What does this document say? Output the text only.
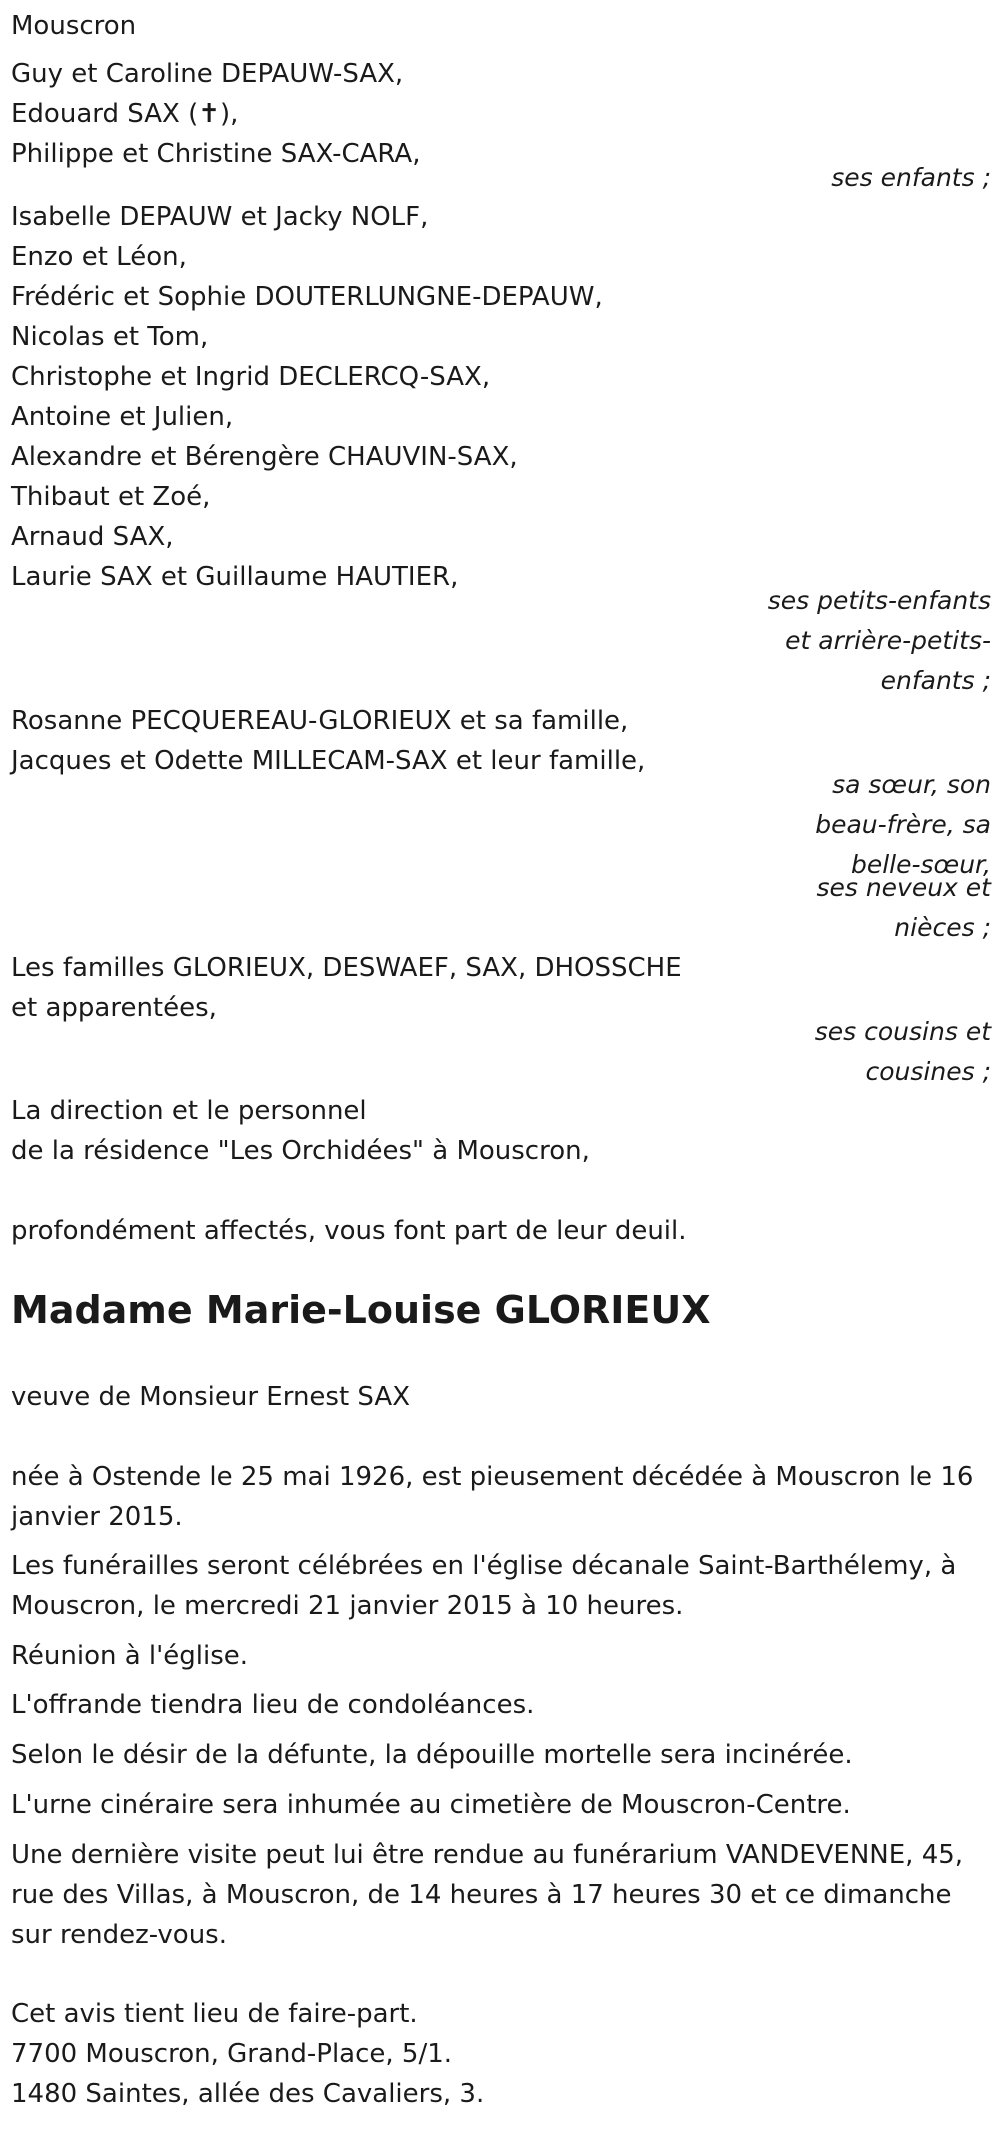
Mouscron
Guy et Caroline DEPAUW-SAX,
Edouard SAX (✝),
Philippe et Christine SAX-CARA,
ses enfants ;
Isabelle DEPAUW et Jacky NOLF,
Enzo et Léon,
Frédéric et Sophie DOUTERLUNGNE-DEPAUW,
Nicolas et Tom,
Christophe et Ingrid DECLERCQ-SAX,
Antoine et Julien,
Alexandre et Bérengère CHAUVIN-SAX,
Thibaut et Zoé,
Arnaud SAX,
Laurie SAX et Guillaume HAUTIER,
ses petits-enfants
et arrière-petits-
enfants ;
Rosanne PECQUEREAU-GLORIEUX et sa famille,
Jacques et Odette MILLECAM-SAX et leur famille,
sa sœur, son
beau-frère, sa
belle-sœur,
ses neveux et
nièces ;
Les familles GLORIEUX, DESWAEF, SAX, DHOSSCHE
et apparentées,
ses cousins et
cousines ;
La direction et le personnel
de la résidence "Les Orchidées" à Mouscron,
profondément affectés, vous font part de leur deuil.
Madame Marie-Louise GLORIEUX
veuve de Monsieur Ernest SAX
née à Ostende le 25 mai 1926, est pieusement décédée à Mouscron le 16 janvier 2015.
Les funérailles seront célébrées en l'église décanale Saint-Barthélemy, à Mouscron, le mercredi 21 janvier 2015 à 10 heures.
Réunion à l'église.
L'offrande tiendra lieu de condoléances.
Selon le désir de la défunte, la dépouille mortelle sera incinérée.
L'urne cinéraire sera inhumée au cimetière de Mouscron-Centre.
Une dernière visite peut lui être rendue au funérarium VANDEVENNE, 45, rue des Villas, à Mouscron, de 14 heures à 17 heures 30 et ce dimanche sur rendez-vous.
Cet avis tient lieu de faire-part.
7700 Mouscron, Grand-Place, 5/1.
1480 Saintes, allée des Cavaliers, 3.
